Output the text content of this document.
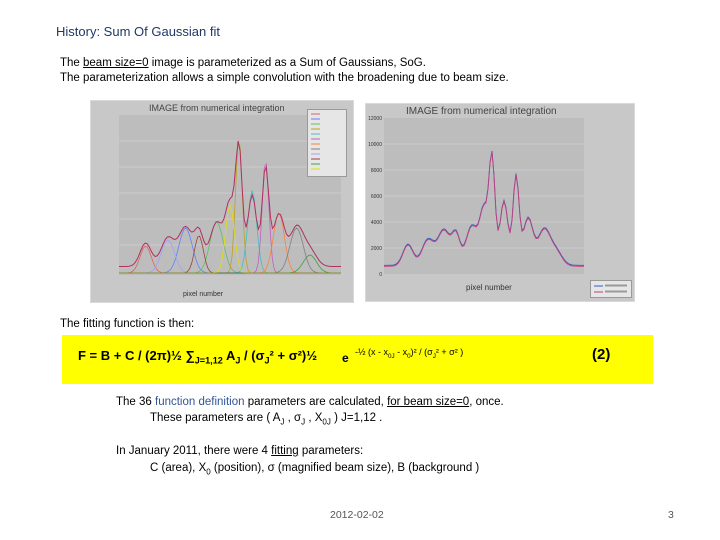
History: Sum Of Gaussian fit
The beam size=0 image is parameterized as a Sum of Gaussians, SoG.
The parameterization allows a simple convolution with the broadening due to beam size.
IMAGE from numerical integration
pixel number
IMAGE from numerical integration
12000
10000
8000
6000
4000
2000
0
pixel number
The fitting function is then:
F = B + C / (2π)½ $\sum_{J=1,12}$ $A_J / (\sigma_J^2$ + σ²)½ e -½ $(x - x_{0J} - x_0)^2 / (\sigma_J^2 + \sigma^2$ )	(2)
The 36 function definition parameters are calculated, for beam size=0, once.
These parameters are ( $A_J$ , $\sigma_J$ , $X_{0J}$ ) J=1,12 .
In January 2011, there were 4 fitting parameters:
C (area), $X_0$ (position), σ (magnified beam size), B (background )
2012-02-02	3
